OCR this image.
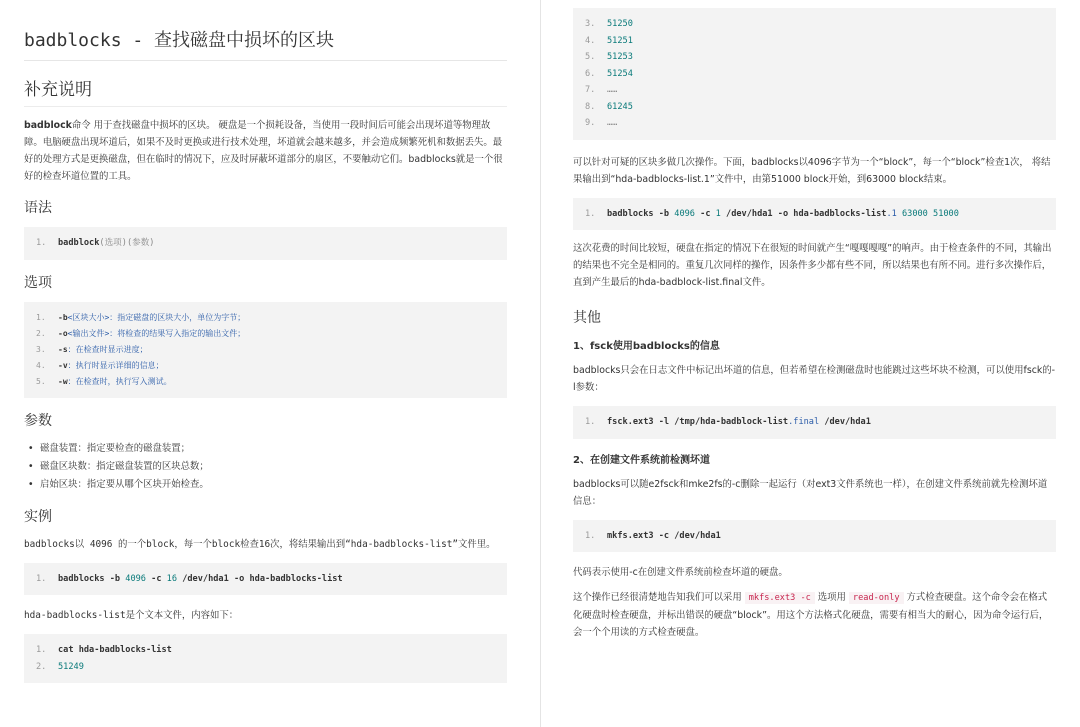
badblocks - 查找磁盘中损坏的区块
补充说明

badblock命令 用于查找磁盘中损坏的区块。 硬盘是一个损耗设备，当使用一段时间后可能会出现坏道等物理故障。电脑硬盘出现坏道后，如果不及时更换或进行技术处理，坏道就会越来越多，并会造成频繁死机和数据丢失。最好的处理方式是更换磁盘，但在临时的情况下，应及时屏蔽坏道部分的扇区，不要触动它们。badblocks就是一个很好的检查坏道位置的工具。

语法
1. badblock(选项)(参数)
选项
1. -b<区块大小>：指定磁盘的区块大小，单位为字节；
2. -o<输出文件>：将检查的结果写入指定的输出文件；
3. -s：在检查时显示进度；
4. -v：执行时显示详细的信息；
5. -w：在检查时，执行写入测试。
参数
• 磁盘装置：指定要检查的磁盘装置；
• 磁盘区块数：指定磁盘装置的区块总数；
• 启始区块：指定要从哪个区块开始检查。
实例

badblocks以 4096 的一个block，每一个block检查16次，将结果输出到“hda-badblocks-list”文件里。

1. badblocks -b 4096 -c 16 /dev/hda1 -o hda-badblocks-list

hda-badblocks-list是个文本文件，内容如下：

1. cat hda-badblocks-list
2. 51249
3. 51250
4. 51251
5. 51253
6. 51254
7. ……
8. 61245
9. ……

可以针对可疑的区块多做几次操作。下面，badblocks以4096字节为一个“block”，每一个“block”检查1次， 将结果输出到“hda-badblocks-list.1”文件中，由第51000 block开始，到63000 block结束。

1. badblocks -b 4096 -c 1 /dev/hda1 -o hda-badblocks-list.1 63000 51000

这次花费的时间比较短，硬盘在指定的情况下在很短的时间就产生“嘎嘎嘎嘎”的响声。由于检查条件的不同，其输出的结果也不完全是相同的。重复几次同样的操作，因条件多少都有些不同，所以结果也有所不同。进行多次操作后，直到产生最后的hda-badblock-list.final文件。

其他
1、fsck使用badblocks的信息

badblocks只会在日志文件中标记出坏道的信息，但若希望在检测磁盘时也能跳过这些坏块不检测，可以使用fsck的-l参数：

1. fsck.ext3 -l /tmp/hda-badblock-list.final /dev/hda1
2、在创建文件系统前检测坏道

badblocks可以随e2fsck和mke2fs的-c删除一起运行（对ext3文件系统也一样），在创建文件系统前就先检测坏道信息：

1. mkfs.ext3 -c /dev/hda1

代码表示使用-c在创建文件系统前检查坏道的硬盘。

这个操作已经很清楚地告知我们可以采用 mkfs.ext3 -c 选项用 read-only 方式检查硬盘。这个命令会在格式化硬盘时检查硬盘，并标出错误的硬盘“block”。用这个方法格式化硬盘，需要有相当大的耐心，因为命令运行后，会一个个用读的方式检查硬盘。
